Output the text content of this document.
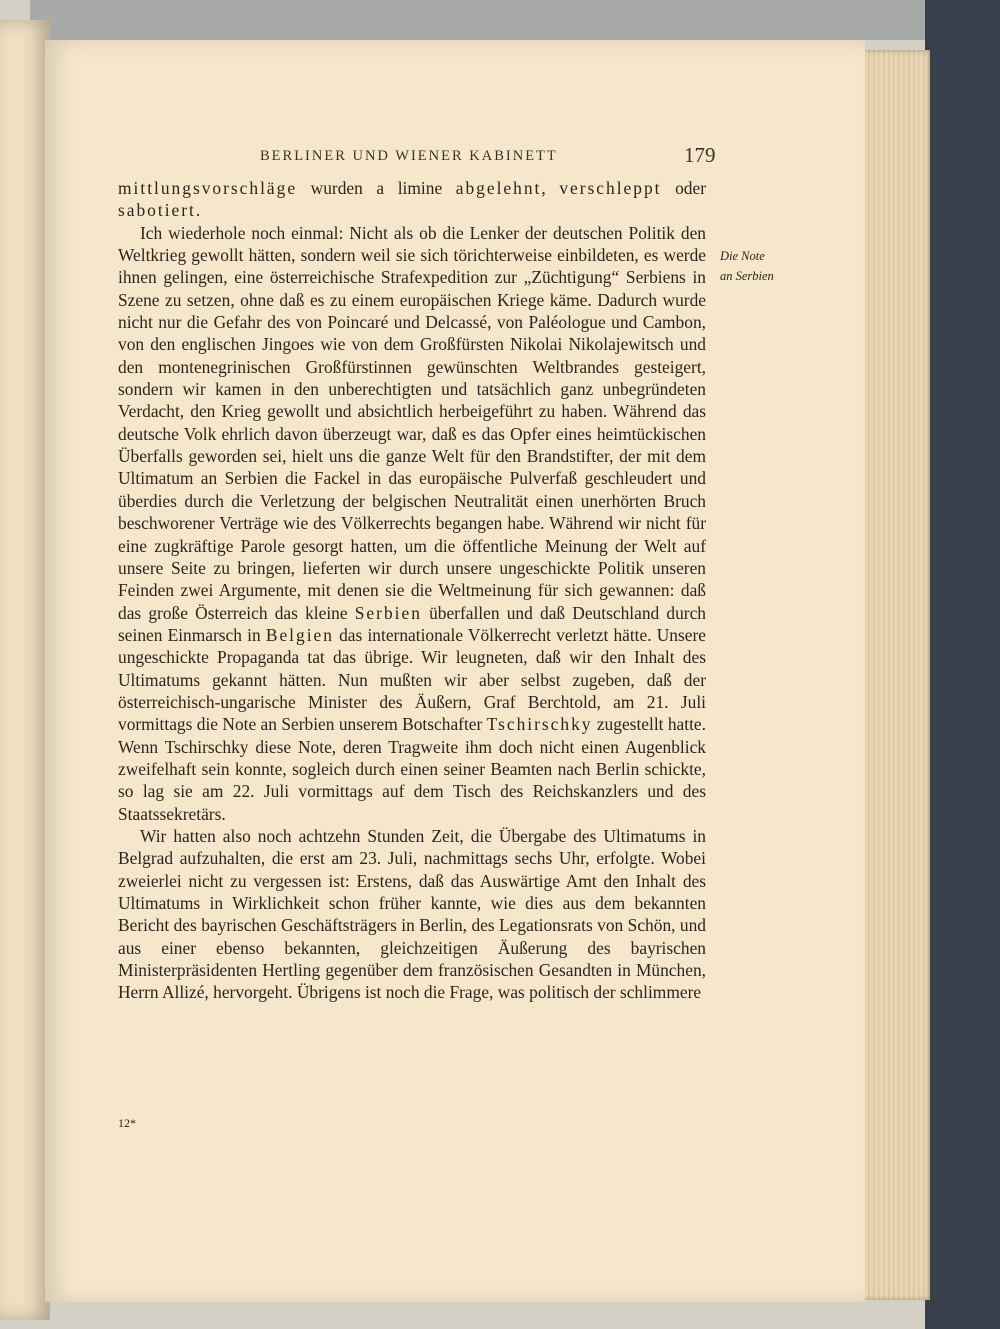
BERLINER UND WIENER KABINETT	179

Die Note
an Serbien

mittlungsvorschläge wurden a limine abgelehnt, verschleppt oder sabotiert.

Ich wiederhole noch einmal: Nicht als ob die Lenker der deutschen Politik den Weltkrieg gewollt hätten, sondern weil sie sich törichterweise einbildeten, es werde ihnen gelingen, eine österreichische Strafexpedition zur „Züchtigung“ Serbiens in Szene zu setzen, ohne daß es zu einem europäischen Kriege käme. Dadurch wurde nicht nur die Gefahr des von Poincaré und Delcassé, von Paléologue und Cambon, von den englischen Jingoes wie von dem Großfürsten Nikolai Nikolajewitsch und den montenegrinischen Großfürstinnen gewünschten Weltbrandes gesteigert, sondern wir kamen in den unberechtigten und tatsächlich ganz unbegründeten Verdacht, den Krieg gewollt und absichtlich herbeigeführt zu haben. Während das deutsche Volk ehrlich davon überzeugt war, daß es das Opfer eines heimtückischen Überfalls geworden sei, hielt uns die ganze Welt für den Brandstifter, der mit dem Ultimatum an Serbien die Fackel in das europäische Pulverfaß geschleudert und überdies durch die Verletzung der belgischen Neutralität einen unerhörten Bruch beschworener Verträge wie des Völkerrechts begangen habe. Während wir nicht für eine zugkräftige Parole gesorgt hatten, um die öffentliche Meinung der Welt auf unsere Seite zu bringen, lieferten wir durch unsere ungeschickte Politik unseren Feinden zwei Argumente, mit denen sie die Weltmeinung für sich gewannen: daß das große Österreich das kleine Serbien überfallen und daß Deutschland durch seinen Einmarsch in Belgien das internationale Völkerrecht verletzt hätte. Unsere ungeschickte Propaganda tat das übrige. Wir leugneten, daß wir den Inhalt des Ultimatums gekannt hätten. Nun mußten wir aber selbst zugeben, daß der österreichisch-ungarische Minister des Äußern, Graf Berchtold, am 21. Juli vormittags die Note an Serbien unserem Botschafter Tschirschky zugestellt hatte. Wenn Tschirschky diese Note, deren Tragweite ihm doch nicht einen Augenblick zweifelhaft sein konnte, sogleich durch einen seiner Beamten nach Berlin schickte, so lag sie am 22. Juli vormittags auf dem Tisch des Reichskanzlers und des Staatssekretärs.

Wir hatten also noch achtzehn Stunden Zeit, die Übergabe des Ultimatums in Belgrad aufzuhalten, die erst am 23. Juli, nachmittags sechs Uhr, erfolgte. Wobei zweierlei nicht zu vergessen ist: Erstens, daß das Auswärtige Amt den Inhalt des Ultimatums in Wirklichkeit schon früher kannte, wie dies aus dem bekannten Bericht des bayrischen Geschäftsträgers in Berlin, des Legationsrats von Schön, und aus einer ebenso bekannten, gleichzeitigen Äußerung des bayrischen Ministerpräsidenten Hertling gegenüber dem französischen Gesandten in München, Herrn Allizé, hervorgeht. Übrigens ist noch die Frage, was politisch der schlimmere

12*
